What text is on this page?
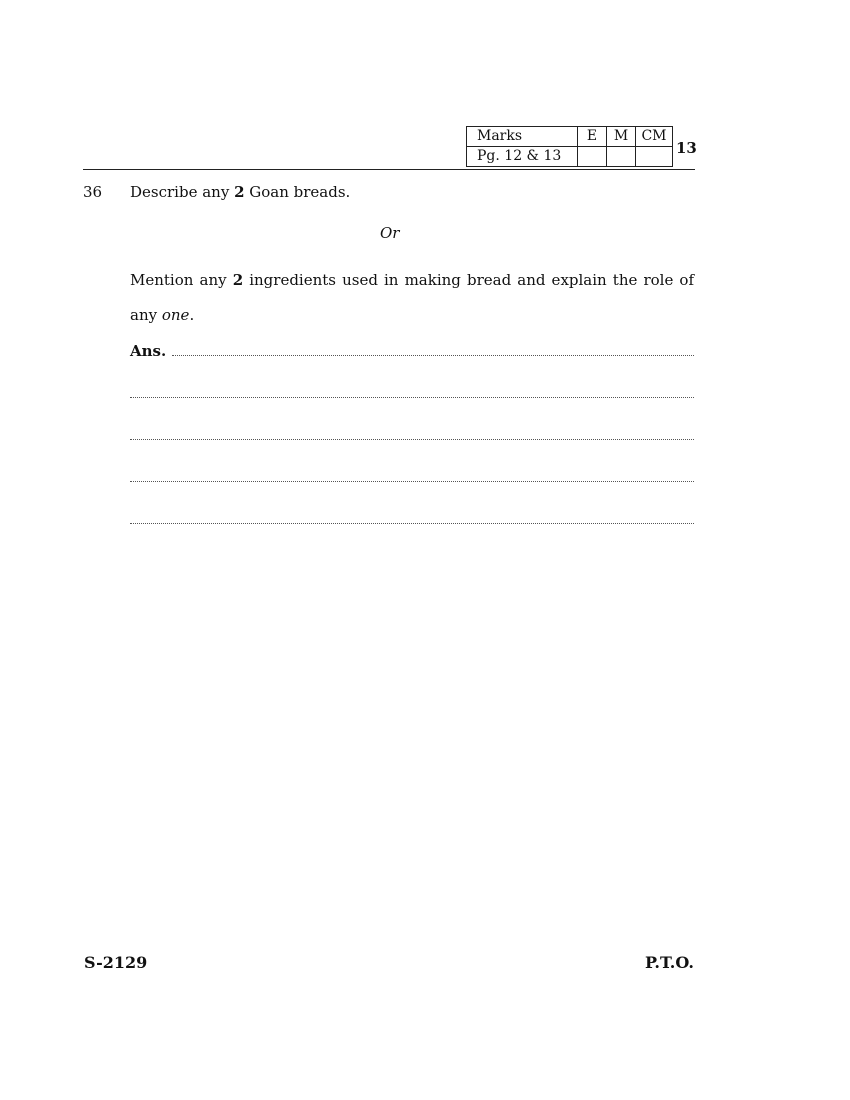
Marks	E	M	CM
Pg. 12 & 13				13
36 Describe any 2 Goan breads.
Or
Mention any 2 ingredients used in making bread and explain the role of any one.
Ans.
S-2129	P.T.O.
